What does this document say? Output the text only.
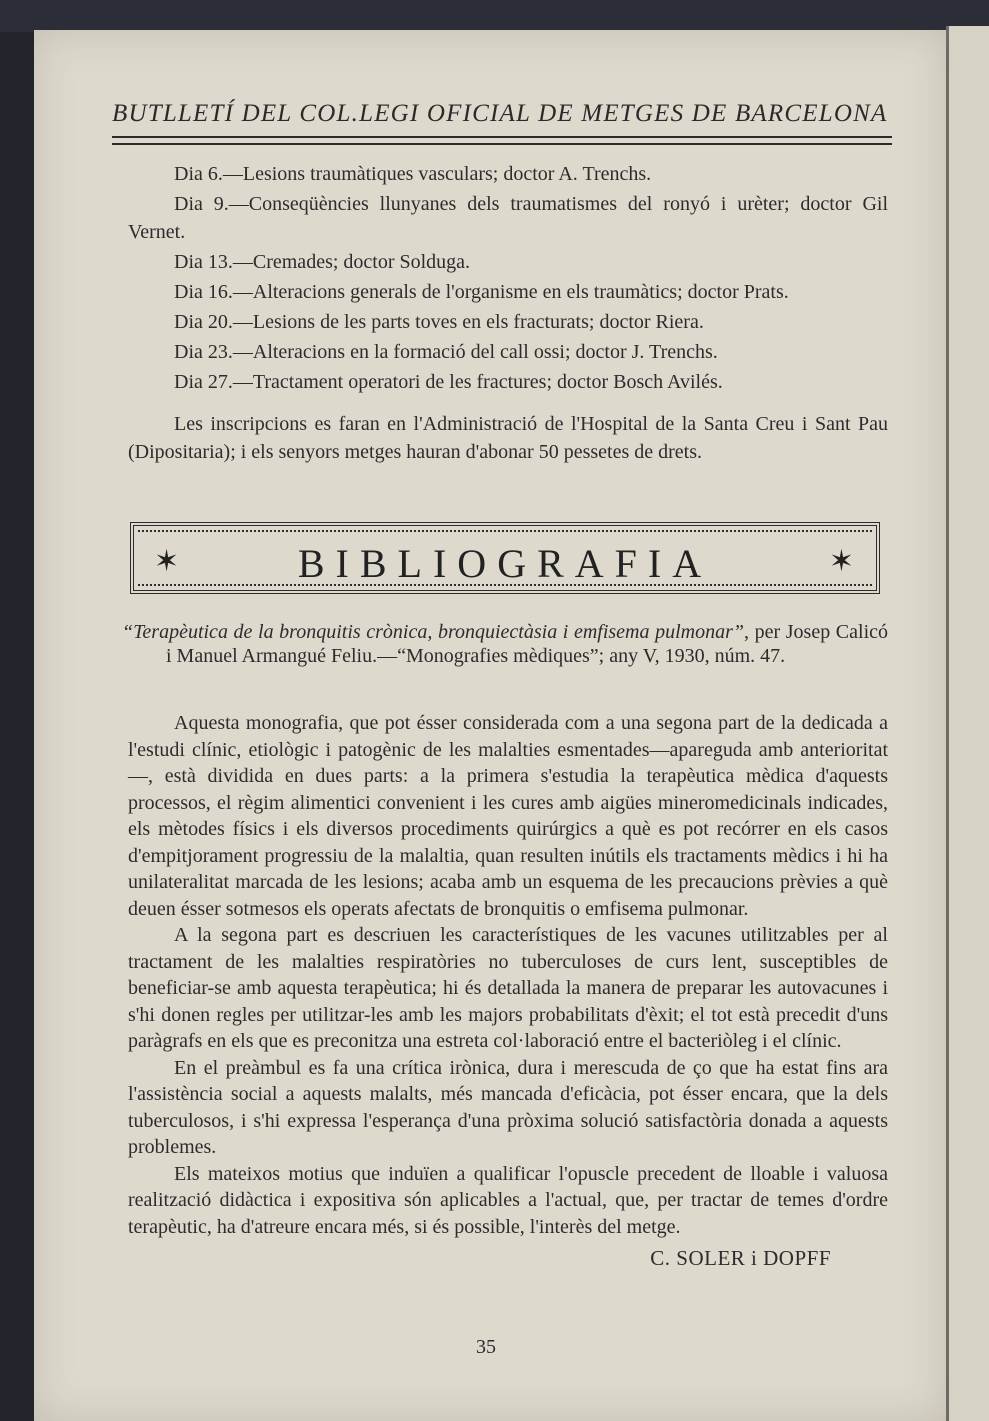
BUTLLETÍ DEL COL.LEGI OFICIAL DE METGES DE BARCELONA

Dia 6.—Lesions traumàtiques vasculars; doctor A. Trenchs.

Dia 9.—Conseqüències llunyanes dels traumatismes del ronyó i urèter; doctor Gil Vernet.

Dia 13.—Cremades; doctor Solduga.

Dia 16.—Alteracions generals de l'organisme en els traumàtics; doctor Prats.

Dia 20.—Lesions de les parts toves en els fracturats; doctor Riera.

Dia 23.—Alteracions en la formació del call ossi; doctor J. Trenchs.

Dia 27.—Tractament operatori de les fractures; doctor Bosch Avilés.

Les inscripcions es faran en l'Administració de l'Hospital de la Santa Creu i Sant Pau (Dipositaria); i els senyors metges hauran d'abonar 50 pessetes de drets.

✶	BIBLIOGRAFIA	✶

“Terapèutica de la bronquitis crònica, bronquiectàsia i emfisema pulmonar”, per Josep Calicó i Manuel Armangué Feliu.—“Monografies mèdiques”; any V, 1930, núm. 47.

Aquesta monografia, que pot ésser considerada com a una segona part de la dedicada a l'estudi clínic, etiològic i patogènic de les malalties esmentades—apareguda amb anterioritat—, està dividida en dues parts: a la primera s'estudia la terapèutica mèdica d'aquests processos, el règim alimentici convenient i les cures amb aigües mineromedicinals indicades, els mètodes físics i els diversos procediments quirúrgics a què es pot recórrer en els casos d'empitjorament progressiu de la malaltia, quan resulten inútils els tractaments mèdics i hi ha unilateralitat marcada de les lesions; acaba amb un esquema de les precaucions prèvies a què deuen ésser sotmesos els operats afectats de bronquitis o emfisema pulmonar.

A la segona part es descriuen les característiques de les vacunes utilitzables per al tractament de les malalties respiratòries no tuberculoses de curs lent, susceptibles de beneficiar-se amb aquesta terapèutica; hi és detallada la manera de preparar les autovacunes i s'hi donen regles per utilitzar-les amb les majors probabilitats d'èxit; el tot està precedit d'uns paràgrafs en els que es preconitza una estreta col·laboració entre el bacteriòleg i el clínic.

En el preàmbul es fa una crítica irònica, dura i merescuda de ço que ha estat fins ara l'assistència social a aquests malalts, més mancada d'eficàcia, pot ésser encara, que la dels tuberculosos, i s'hi expressa l'esperança d'una pròxima solució satisfactòria donada a aquests problemes.

Els mateixos motius que induïen a qualificar l'opuscle precedent de lloable i valuosa realització didàctica i expositiva són aplicables a l'actual, que, per tractar de temes d'ordre terapèutic, ha d'atreure encara més, si és possible, l'interès del metge.

C. SOLER i DOPFF
35
